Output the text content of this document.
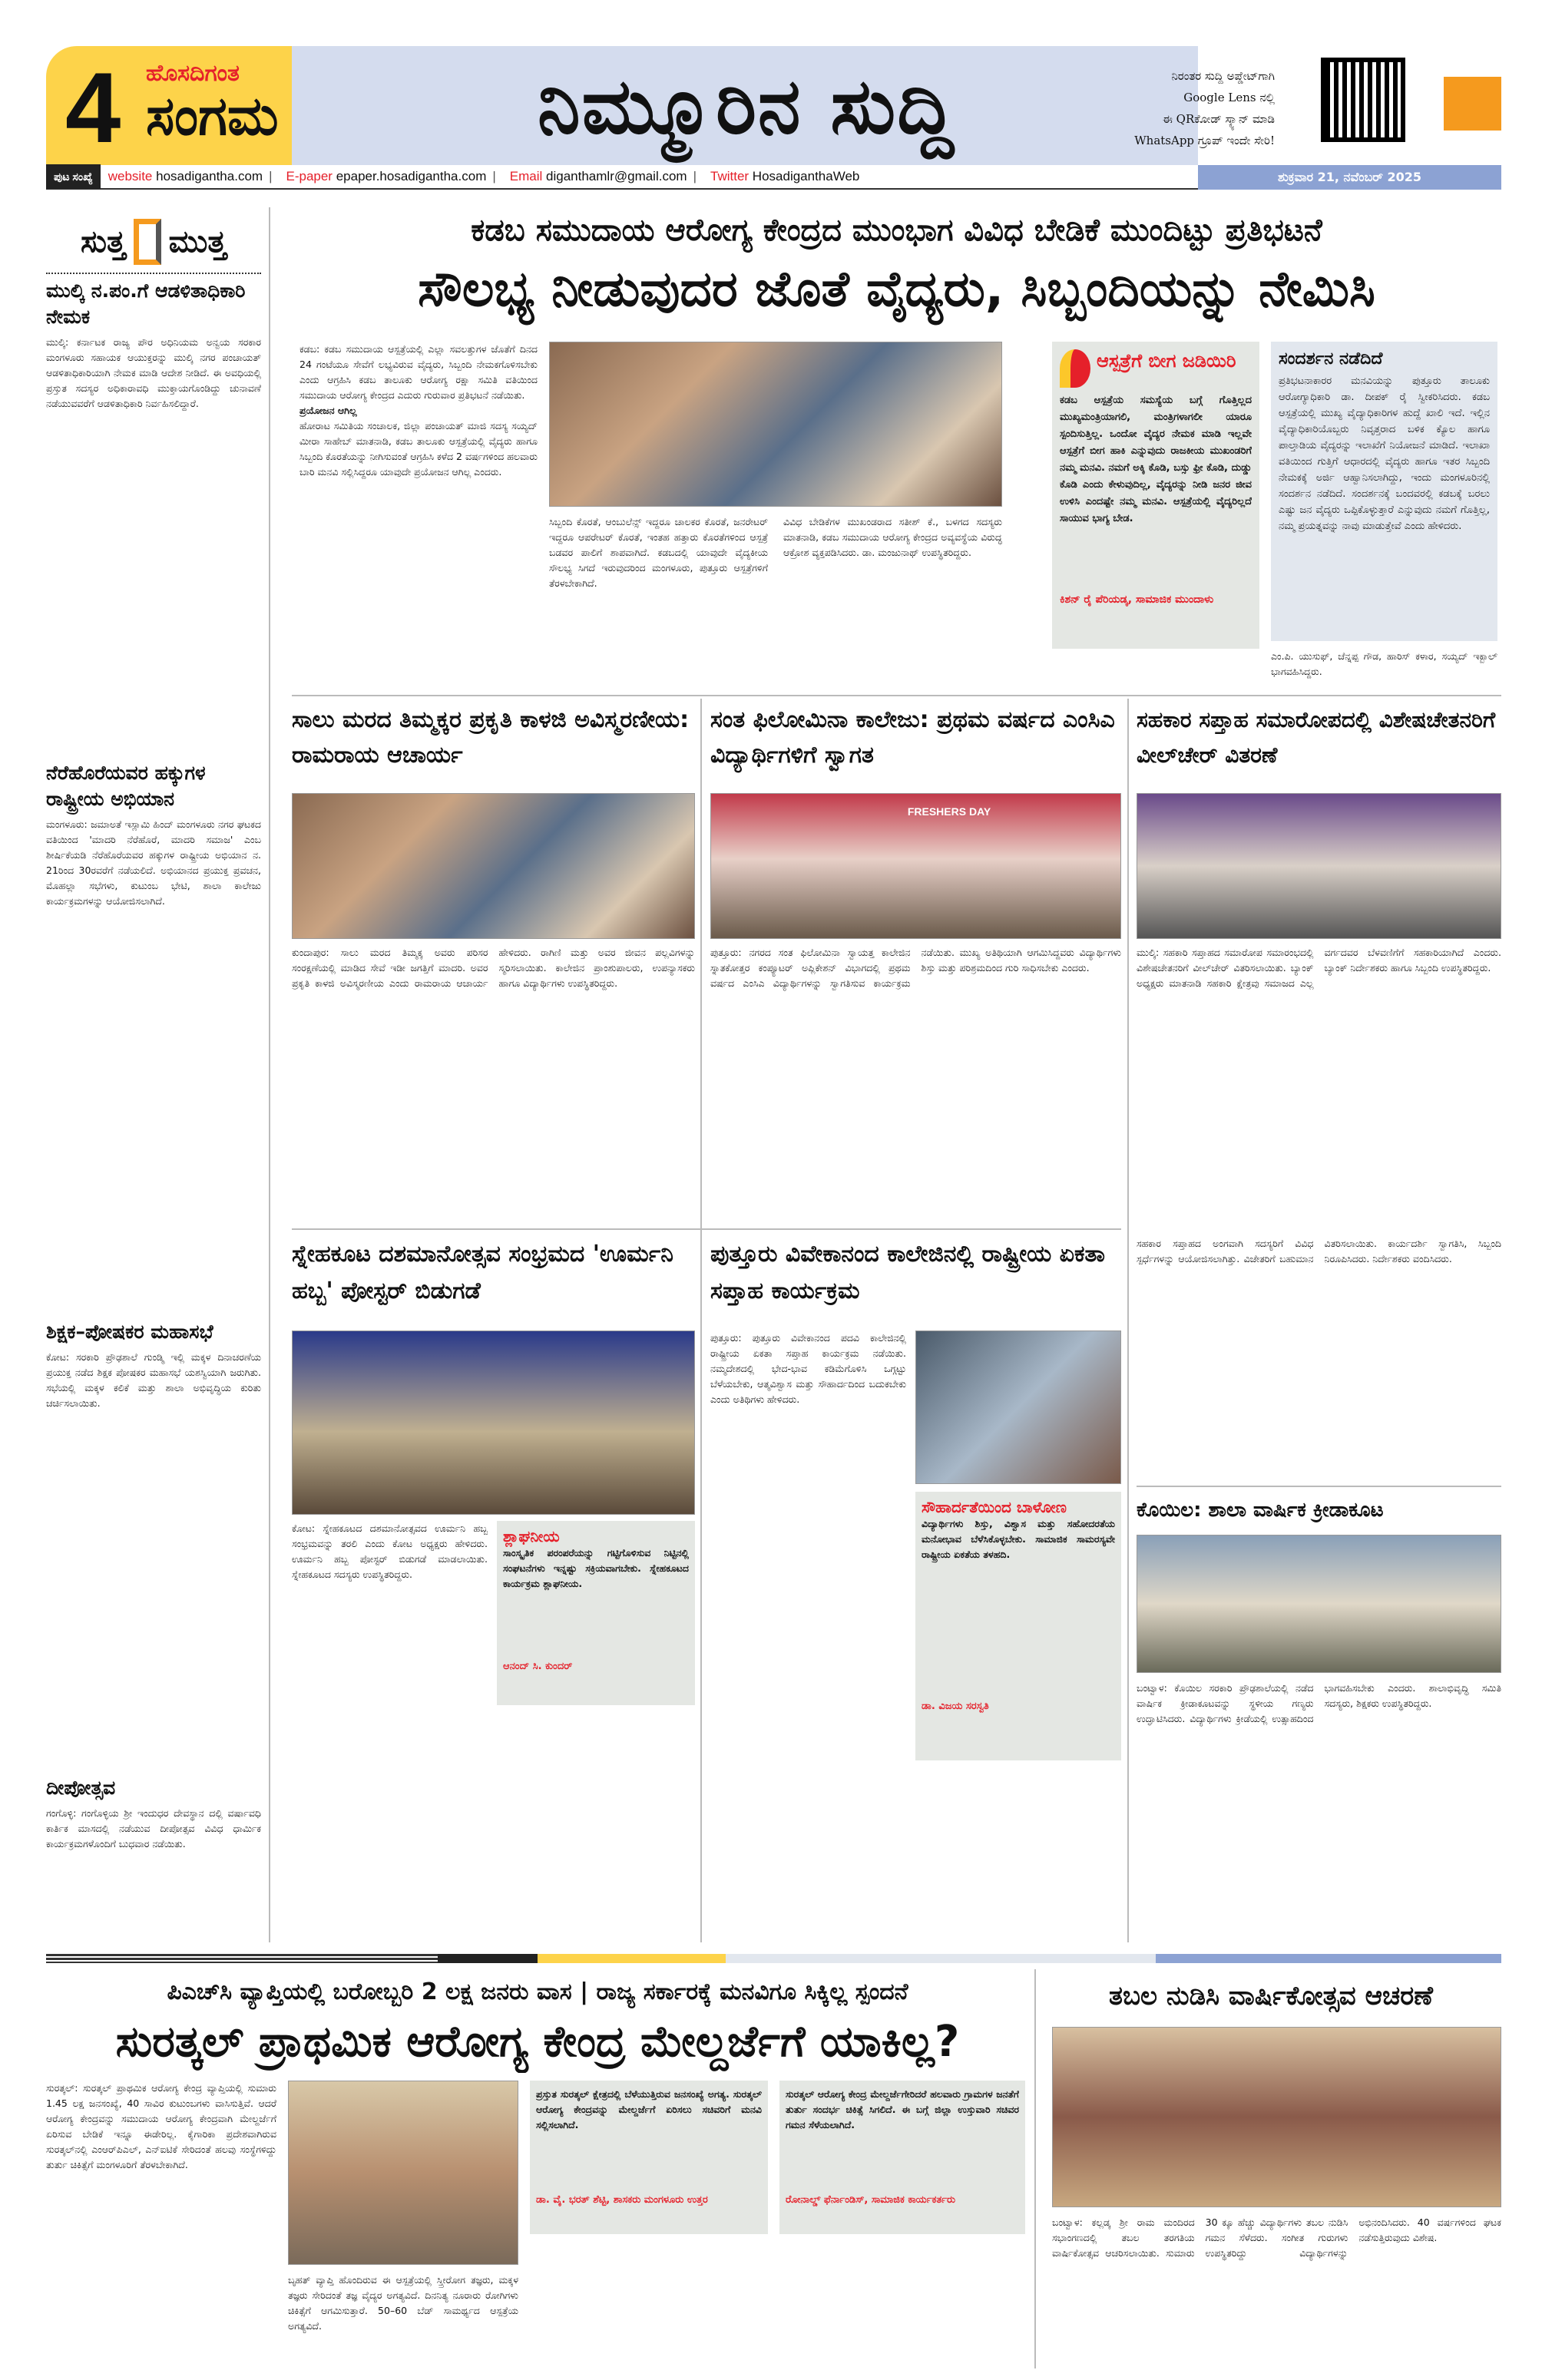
4 ಹೊಸದಿಗಂತ
ಸಂಗಮ	ನಿಮ್ಮೂರಿನ ಸುದ್ದಿ	ನಿರಂತರ ಸುದ್ದಿ ಅಪ್ಡೇಟ್‌ಗಾಗಿ
Google Lens ನಲ್ಲಿ
ಈ QRಕೋಡ್ ಸ್ಕ್ಯಾನ್ ಮಾಡಿ
WhatsApp ಗ್ರೂಪ್ ಇಂದೇ ಸೇರಿ!
ಪುಟ ಸಂಖ್ಯೆ	website
hosadigantha.com | E-paper
epaper.hosadigantha.com | Email
diganthamlr@gmail.com | Twitter
HosadiganthaWeb	ಶುಕ್ರವಾರ 21, ನವೆಂಬರ್ 2025
ಸುತ್ತ ಮುತ್ತ
ಮುಲ್ಕಿ ನ.ಪಂ.ಗೆ ಆಡಳಿತಾಧಿಕಾರಿ ನೇಮಕ
ಮುಲ್ಕಿ: ಕರ್ನಾಟಕ ರಾಜ್ಯ ಪೌರ ಅಧಿನಿಯಮ ಅನ್ವಯ ಸರಕಾರ ಮಂಗಳೂರು ಸಹಾಯಕ ಆಯುಕ್ತರನ್ನು ಮುಲ್ಕಿ ನಗರ ಪಂಚಾಯತ್ ಆಡಳಿತಾಧಿಕಾರಿಯಾಗಿ ನೇಮಕ ಮಾಡಿ ಆದೇಶ ನೀಡಿದೆ. ಈ ಅವಧಿಯಲ್ಲಿ ಪ್ರಸ್ತುತ ಸದಸ್ಯರ ಅಧಿಕಾರಾವಧಿ ಮುಕ್ತಾಯಗೊಂಡಿದ್ದು ಚುನಾವಣೆ ನಡೆಯುವವರೆಗೆ ಆಡಳಿತಾಧಿಕಾರಿ ನಿರ್ವಹಿಸಲಿದ್ದಾರೆ.
ನೆರೆಹೊರೆಯವರ ಹಕ್ಕುಗಳ ರಾಷ್ಟ್ರೀಯ ಅಭಿಯಾನ
ಮಂಗಳೂರು: ಜಮಾಅತೆ ಇಸ್ಲಾಮಿ ಹಿಂದ್ ಮಂಗಳೂರು ನಗರ ಘಟಕದ ವತಿಯಿಂದ 'ಮಾದರಿ ನೆರೆಹೊರೆ, ಮಾದರಿ ಸಮಾಜ' ಎಂಬ ಶೀರ್ಷಿಕೆಯಡಿ ನೆರೆಹೊರೆಯವರ ಹಕ್ಕುಗಳ ರಾಷ್ಟ್ರೀಯ ಅಭಿಯಾನ ನ. 21ರಿಂದ 30ರವರೆಗೆ ನಡೆಯಲಿದೆ. ಅಭಿಯಾನದ ಪ್ರಯುಕ್ತ ಪ್ರವಚನ, ಮೊಹಲ್ಲಾ ಸಭೆಗಳು, ಕುಟುಂಬ ಭೇಟಿ, ಶಾಲಾ ಕಾಲೇಜು ಕಾರ್ಯಕ್ರಮಗಳನ್ನು ಆಯೋಜಿಸಲಾಗಿದೆ.
ಶಿಕ್ಷಕ–ಪೋಷಕರ ಮಹಾಸಭೆ
ಕೋಟ: ಸರಕಾರಿ ಪ್ರೌಢಶಾಲೆ ಗುಂಡ್ಮಿ ಇಲ್ಲಿ ಮಕ್ಕಳ ದಿನಾಚರಣೆಯ ಪ್ರಯುಕ್ತ ನಡೆದ ಶಿಕ್ಷಕ ಪೋಷಕರ ಮಹಾಸಭೆ ಯಶಸ್ವಿಯಾಗಿ ಜರುಗಿತು. ಸಭೆಯಲ್ಲಿ ಮಕ್ಕಳ ಕಲಿಕೆ ಮತ್ತು ಶಾಲಾ ಅಭಿವೃದ್ಧಿಯ ಕುರಿತು ಚರ್ಚಿಸಲಾಯಿತು.
ದೀಪೋತ್ಸವ
ಗಂಗೊಳ್ಳಿ: ಗಂಗೊಳ್ಳಿಯ ಶ್ರೀ ಇಂದುಧರ ದೇವಸ್ಥಾನ ದಲ್ಲಿ ವರ್ಷಾವಧಿ ಕಾರ್ತಿಕ ಮಾಸದಲ್ಲಿ ನಡೆಯುವ ದೀಪೋತ್ಸವ ವಿವಿಧ ಧಾರ್ಮಿಕ ಕಾರ್ಯಕ್ರಮಗಳೊಂದಿಗೆ ಬುಧವಾರ ನಡೆಯಿತು.
ಕಡಬ ಸಮುದಾಯ ಆರೋಗ್ಯ ಕೇಂದ್ರದ ಮುಂಭಾಗ ವಿವಿಧ ಬೇಡಿಕೆ ಮುಂದಿಟ್ಟು ಪ್ರತಿಭಟನೆ
ಸೌಲಭ್ಯ ನೀಡುವುದರ ಜೊತೆ ವೈದ್ಯರು, ಸಿಬ್ಬಂದಿಯನ್ನು ನೇಮಿಸಿ
ಕಡಬ: ಕಡಬ ಸಮುದಾಯ ಆಸ್ಪತ್ರೆಯಲ್ಲಿ ಎಲ್ಲಾ ಸವಲತ್ತುಗಳ ಜೊತೆಗೆ ದಿನದ 24 ಗಂಟೆಯೂ ಸೇವೆಗೆ ಲಭ್ಯವಿರುವ ವೈದ್ಯರು, ಸಿಬ್ಬಂದಿ ನೇಮಕಗೊಳಿಸಬೇಕು ಎಂದು ಆಗ್ರಹಿಸಿ ಕಡಬ ತಾಲೂಕು ಆರೋಗ್ಯ ರಕ್ಷಾ ಸಮಿತಿ ವತಿಯಿಂದ ಸಮುದಾಯ ಆರೋಗ್ಯ ಕೇಂದ್ರದ ಎದುರು ಗುರುವಾರ ಪ್ರತಿಭಟನೆ ನಡೆಯಿತು.
ಪ್ರಯೋಜನ ಆಗಿಲ್ಲ
ಹೋರಾಟ ಸಮಿತಿಯ ಸಂಚಾಲಕ, ಜಿಲ್ಲಾ ಪಂಚಾಯತ್ ಮಾಜಿ ಸದಸ್ಯ ಸಯ್ಯದ್ ಮೀರಾ ಸಾಹೇಬ್ ಮಾತನಾಡಿ, ಕಡಬ ತಾಲೂಕು ಆಸ್ಪತ್ರೆಯಲ್ಲಿ ವೈದ್ಯರು ಹಾಗೂ ಸಿಬ್ಬಂದಿ ಕೊರತೆಯನ್ನು ನೀಗಿಸುವಂತೆ ಆಗ್ರಹಿಸಿ ಕಳೆದ 2 ವರ್ಷಗಳಿಂದ ಹಲವಾರು ಬಾರಿ ಮನವಿ ಸಲ್ಲಿಸಿದ್ದರೂ ಯಾವುದೇ ಪ್ರಯೋಜನ ಆಗಿಲ್ಲ ಎಂದರು.
ಸಿಬ್ಬಂದಿ ಕೊರತೆ, ಆಂಬುಲೆನ್ಸ್ ಇದ್ದರೂ ಚಾಲಕರ ಕೊರತೆ, ಜನರೇಟರ್ ಇದ್ದರೂ ಆಪರೇಟರ್ ಕೊರತೆ, ಇಂತಹ ಹತ್ತಾರು ಕೊರತೆಗಳಿಂದ ಆಸ್ಪತ್ರೆ ಬಡವರ ಪಾಲಿಗೆ ಶಾಪವಾಗಿದೆ. ಕಡಬದಲ್ಲಿ ಯಾವುದೇ ವೈದ್ಯಕೀಯ ಸೌಲಭ್ಯ ಸಿಗದೆ ಇರುವುದರಿಂದ ಮಂಗಳೂರು, ಪುತ್ತೂರು ಆಸ್ಪತ್ರೆಗಳಿಗೆ ತೆರಳಬೇಕಾಗಿದೆ.
ವಿವಿಧ ಬೇಡಿಕೆಗಳ ಮುಖಂಡರಾದ ಸತೀಶ್ ಕೆ., ಬಳಗದ ಸದಸ್ಯರು ಮಾತನಾಡಿ, ಕಡಬ ಸಮುದಾಯ ಆರೋಗ್ಯ ಕೇಂದ್ರದ ಅವ್ಯವಸ್ಥೆಯ ವಿರುದ್ಧ ಆಕ್ರೋಶ ವ್ಯಕ್ತಪಡಿಸಿದರು. ಡಾ. ಮಂಜುನಾಥ್ ಉಪಸ್ಥಿತರಿದ್ದರು.
ಆಸ್ಪತ್ರೆಗೆ ಬೀಗ ಜಡಿಯಿರಿ
ಕಡಬ ಆಸ್ಪತ್ರೆಯ ಸಮಸ್ಯೆಯ ಬಗ್ಗೆ ಗೊತ್ತಿಲ್ಲದ ಮುಖ್ಯಮಂತ್ರಿಯಾಗಲಿ, ಮಂತ್ರಿಗಳಾಗಲೀ ಯಾರೂ ಸ್ಪಂದಿಸುತ್ತಿಲ್ಲ. ಒಂದೋ ವೈದ್ಯರ ನೇಮಕ ಮಾಡಿ ಇಲ್ಲವೇ ಆಸ್ಪತ್ರೆಗೆ ಬೀಗ ಹಾಕಿ ಎನ್ನುವುದು ರಾಜಕೀಯ ಮುಖಂಡರಿಗೆ ನಮ್ಮ ಮನವಿ. ನಮಗೆ ಅಕ್ಕಿ ಕೊಡಿ, ಬಸ್ಸು ಫ್ರೀ ಕೊಡಿ, ದುಡ್ಡು ಕೊಡಿ ಎಂದು ಕೇಳುವುದಿಲ್ಲ, ವೈದ್ಯರನ್ನು ನೀಡಿ ಜನರ ಜೀವ ಉಳಿಸಿ ಎಂದಷ್ಟೇ ನಮ್ಮ ಮನವಿ. ಆಸ್ಪತ್ರೆಯಲ್ಲಿ ವೈದ್ಯರಿಲ್ಲದೆ ಸಾಯುವ ಭಾಗ್ಯ ಬೇಡ.
ಕಿಶನ್ ರೈ ಪೆರಿಯಡ್ಕ, ಸಾಮಾಜಿಕ ಮುಂದಾಳು
ಸಂದರ್ಶನ ನಡೆದಿದೆ
ಪ್ರತಿಭಟನಾಕಾರರ ಮನವಿಯನ್ನು ಪುತ್ತೂರು ತಾಲೂಕು ಆರೋಗ್ಯಾಧಿಕಾರಿ ಡಾ. ದೀಪಕ್ ರೈ ಸ್ವೀಕರಿಸಿದರು. ಕಡಬ ಆಸ್ಪತ್ರೆಯಲ್ಲಿ ಮುಖ್ಯ ವೈದ್ಯಾಧಿಕಾರಿಗಳ ಹುದ್ದೆ ಖಾಲಿ ಇದೆ. ಇಲ್ಲಿನ ವೈದ್ಯಾಧಿಕಾರಿಯೊಬ್ಬರು ನಿವೃತ್ತರಾದ ಬಳಿಕ ಕ್ಯೊಲ ಹಾಗೂ ಪಾಲ್ತಾಡಿಯ ವೈದ್ಯರನ್ನು ಇಲಾಖೆಗೆ ನಿಯೋಜನೆ ಮಾಡಿದೆ. ಇಲಾಖಾ ವತಿಯಿಂದ ಗುತ್ತಿಗೆ ಆಧಾರದಲ್ಲಿ ವೈದ್ಯರು ಹಾಗೂ ಇತರ ಸಿಬ್ಬಂದಿ ನೇಮಕಕ್ಕೆ ಅರ್ಜಿ ಆಹ್ವಾನಿಸಲಾಗಿದ್ದು, ಇಂದು ಮಂಗಳೂರಿನಲ್ಲಿ ಸಂದರ್ಶನ ನಡೆದಿದೆ. ಸಂದರ್ಶನಕ್ಕೆ ಬಂದವರಲ್ಲಿ ಕಡಬಕ್ಕೆ ಬರಲು ಎಷ್ಟು ಜನ ವೈದ್ಯರು ಒಪ್ಪಿಕೊಳ್ಳುತ್ತಾರೆ ಎನ್ನುವುದು ನಮಗೆ ಗೊತ್ತಿಲ್ಲ, ನಮ್ಮ ಪ್ರಯತ್ನವನ್ನು ನಾವು ಮಾಡುತ್ತೇವೆ ಎಂದು ಹೇಳಿದರು.
ಎಂ.ಪಿ. ಯುಸುಫ್, ಚೆನ್ನಪ್ಪ ಗೌಡ, ಹಾರಿಸ್ ಕಳಾರ, ಸಯ್ಯದ್ ಇಕ್ಬಾಲ್ ಭಾಗವಹಿಸಿದ್ದರು.
ಸಾಲು ಮರದ ತಿಮ್ಮಕ್ಕರ ಪ್ರಕೃತಿ ಕಾಳಜಿ ಅವಿಸ್ಮರಣೀಯ: ರಾಮರಾಯ ಆಚಾರ್ಯ
ಕುಂದಾಪುರ: ಸಾಲು ಮರದ ತಿಮ್ಮಕ್ಕ ಅವರು ಪರಿಸರ ಸಂರಕ್ಷಣೆಯಲ್ಲಿ ಮಾಡಿದ ಸೇವೆ ಇಡೀ ಜಗತ್ತಿಗೆ ಮಾದರಿ. ಅವರ ಪ್ರಕೃತಿ ಕಾಳಜಿ ಅವಿಸ್ಮರಣೀಯ ಎಂದು ರಾಮರಾಯ ಆಚಾರ್ಯ ಹೇಳಿದರು. ರಾಗಿಣಿ ಮತ್ತು ಅವರ ಜೀವನ ಪಲ್ಲವಿಗಳನ್ನು ಸ್ಮರಿಸಲಾಯಿತು. ಕಾಲೇಜಿನ ಪ್ರಾಂಶುಪಾಲರು, ಉಪನ್ಯಾಸಕರು ಹಾಗೂ ವಿದ್ಯಾರ್ಥಿಗಳು ಉಪಸ್ಥಿತರಿದ್ದರು.
ಸಂತ ಫಿಲೋಮಿನಾ ಕಾಲೇಜು: ಪ್ರಥಮ ವರ್ಷದ ಎಂಸಿಎ ವಿದ್ಯಾರ್ಥಿಗಳಿಗೆ ಸ್ವಾಗತ
FRESHERS DAY
ಪುತ್ತೂರು: ನಗರದ ಸಂತ ಫಿಲೋಮಿನಾ ಸ್ವಾಯತ್ತ ಕಾಲೇಜಿನ ಸ್ನಾತಕೋತ್ತರ ಕಂಪ್ಯೂಟರ್ ಅಪ್ಲಿಕೇಶನ್ ವಿಭಾಗದಲ್ಲಿ ಪ್ರಥಮ ವರ್ಷದ ಎಂಸಿಎ ವಿದ್ಯಾರ್ಥಿಗಳನ್ನು ಸ್ವಾಗತಿಸುವ ಕಾರ್ಯಕ್ರಮ ನಡೆಯಿತು. ಮುಖ್ಯ ಅತಿಥಿಯಾಗಿ ಆಗಮಿಸಿದ್ದವರು ವಿದ್ಯಾರ್ಥಿಗಳು ಶಿಸ್ತು ಮತ್ತು ಪರಿಶ್ರಮದಿಂದ ಗುರಿ ಸಾಧಿಸಬೇಕು ಎಂದರು.
ಸಹಕಾರ ಸಪ್ತಾಹ ಸಮಾರೋಪದಲ್ಲಿ ವಿಶೇಷಚೇತನರಿಗೆ ವೀಲ್‌ಚೇರ್ ವಿತರಣೆ
ಮುಲ್ಕಿ: ಸಹಕಾರಿ ಸಪ್ತಾಹದ ಸಮಾರೋಪ ಸಮಾರಂಭದಲ್ಲಿ ವಿಶೇಷಚೇತನರಿಗೆ ವೀಲ್‌ಚೇರ್ ವಿತರಿಸಲಾಯಿತು. ಬ್ಯಾಂಕ್ ಅಧ್ಯಕ್ಷರು ಮಾತನಾಡಿ ಸಹಕಾರಿ ಕ್ಷೇತ್ರವು ಸಮಾಜದ ಎಲ್ಲ ವರ್ಗದವರ ಬೆಳವಣಿಗೆಗೆ ಸಹಕಾರಿಯಾಗಿದೆ ಎಂದರು. ಬ್ಯಾಂಕ್ ನಿರ್ದೇಶಕರು ಹಾಗೂ ಸಿಬ್ಬಂದಿ ಉಪಸ್ಥಿತರಿದ್ದರು.
ಸ್ನೇಹಕೂಟ ದಶಮಾನೋತ್ಸವ ಸಂಭ್ರಮದ 'ಊರ್ಮನಿ ಹಬ್ಬ' ಪೋಸ್ಟರ್ ಬಿಡುಗಡೆ
ಕೋಟ: ಸ್ನೇಹಕೂಟದ ದಶಮಾನೋತ್ಸವದ ಊರ್ಮನಿ ಹಬ್ಬ ಸಂಭ್ರಮವನ್ನು ತರಲಿ ಎಂದು ಕೋಟ ಅಧ್ಯಕ್ಷರು ಹೇಳಿದರು. ಊರ್ಮನಿ ಹಬ್ಬ ಪೋಸ್ಟರ್ ಬಿಡುಗಡೆ ಮಾಡಲಾಯಿತು. ಸ್ನೇಹಕೂಟದ ಸದಸ್ಯರು ಉಪಸ್ಥಿತರಿದ್ದರು.
ಶ್ಲಾಘನೀಯ
ಸಾಂಸ್ಕೃತಿಕ ಪರಂಪರೆಯನ್ನು ಗಟ್ಟಿಗೊಳಿಸುವ ನಿಟ್ಟಿನಲ್ಲಿ ಸಂಘಟನೆಗಳು ಇನ್ನಷ್ಟು ಸಕ್ರಿಯವಾಗಬೇಕು. ಸ್ನೇಹಕೂಟದ ಕಾರ್ಯಕ್ರಮ ಶ್ಲಾಘನೀಯ.
ಆನಂದ್ ಸಿ. ಕುಂದರ್
ಪುತ್ತೂರು ವಿವೇಕಾನಂದ ಕಾಲೇಜಿನಲ್ಲಿ ರಾಷ್ಟ್ರೀಯ ಏಕತಾ ಸಪ್ತಾಹ ಕಾರ್ಯಕ್ರಮ
ಪುತ್ತೂರು: ಪುತ್ತೂರು ವಿವೇಕಾನಂದ ಪದವಿ ಕಾಲೇಜಿನಲ್ಲಿ ರಾಷ್ಟ್ರೀಯ ಏಕತಾ ಸಪ್ತಾಹ ಕಾರ್ಯಕ್ರಮ ನಡೆಯಿತು. ನಮ್ಮದೇಶದಲ್ಲಿ ಭೇದ-ಭಾವ ಕಡಿಮೆಗೊಳಿಸಿ ಒಗ್ಗಟ್ಟು ಬೆಳೆಯಬೇಕು, ಆತ್ಮವಿಶ್ವಾಸ ಮತ್ತು ಸೌಹಾರ್ದದಿಂದ ಬದುಕಬೇಕು ಎಂದು ಅತಿಥಿಗಳು ಹೇಳಿದರು.
ಸೌಹಾರ್ದತೆಯಿಂದ ಬಾಳೋಣ
ವಿದ್ಯಾರ್ಥಿಗಳು ಶಿಸ್ತು, ವಿಶ್ವಾಸ ಮತ್ತು ಸಹೋದರತೆಯ ಮನೋಭಾವ ಬೆಳೆಸಿಕೊಳ್ಳಬೇಕು. ಸಾಮಾಜಿಕ ಸಾಮರಸ್ಯವೇ ರಾಷ್ಟ್ರೀಯ ಏಕತೆಯ ತಳಹದಿ.
ಡಾ. ವಿಜಯ ಸರಸ್ವತಿ
ಸಹಕಾರ ಸಪ್ತಾಹದ ಅಂಗವಾಗಿ ಸದಸ್ಯರಿಗೆ ವಿವಿಧ ಸ್ಪರ್ಧೆಗಳನ್ನು ಆಯೋಜಿಸಲಾಗಿತ್ತು. ವಿಜೇತರಿಗೆ ಬಹುಮಾನ ವಿತರಿಸಲಾಯಿತು. ಕಾರ್ಯದರ್ಶಿ ಸ್ವಾಗತಿಸಿ, ಸಿಬ್ಬಂದಿ ನಿರೂಪಿಸಿದರು. ನಿರ್ದೇಶಕರು ವಂದಿಸಿದರು.
ಕೊಯಿಲ: ಶಾಲಾ ವಾರ್ಷಿಕ ಕ್ರೀಡಾಕೂಟ
ಬಂಟ್ವಾಳ: ಕೊಯಿಲ ಸರಕಾರಿ ಪ್ರೌಢಶಾಲೆಯಲ್ಲಿ ನಡೆದ ವಾರ್ಷಿಕ ಕ್ರೀಡಾಕೂಟವನ್ನು ಸ್ಥಳೀಯ ಗಣ್ಯರು ಉದ್ಘಾಟಿಸಿದರು. ವಿದ್ಯಾರ್ಥಿಗಳು ಕ್ರೀಡೆಯಲ್ಲಿ ಉತ್ಸಾಹದಿಂದ ಭಾಗವಹಿಸಬೇಕು ಎಂದರು. ಶಾಲಾಭಿವೃದ್ಧಿ ಸಮಿತಿ ಸದಸ್ಯರು, ಶಿಕ್ಷಕರು ಉಪಸ್ಥಿತರಿದ್ದರು.
ಪಿಎಚ್‌ಸಿ ವ್ಯಾಪ್ತಿಯಲ್ಲಿ ಬರೋಬ್ಬರಿ 2 ಲಕ್ಷ ಜನರು ವಾಸ | ರಾಜ್ಯ ಸರ್ಕಾರಕ್ಕೆ ಮನವಿಗೂ ಸಿಕ್ಕಿಲ್ಲ ಸ್ಪಂದನೆ
ಸುರತ್ಕಲ್ ಪ್ರಾಥಮಿಕ ಆರೋಗ್ಯ ಕೇಂದ್ರ ಮೇಲ್ದರ್ಜೆಗೆ ಯಾಕಿಲ್ಲ?
ಸುರತ್ಕಲ್: ಸುರತ್ಕಲ್ ಪ್ರಾಥಮಿಕ ಆರೋಗ್ಯ ಕೇಂದ್ರ ವ್ಯಾಪ್ತಿಯಲ್ಲಿ ಸುಮಾರು 1.45 ಲಕ್ಷ ಜನಸಂಖ್ಯೆ, 40 ಸಾವಿರ ಕುಟುಂಬಗಳು ವಾಸಿಸುತ್ತಿವೆ. ಆದರೆ ಆರೋಗ್ಯ ಕೇಂದ್ರವನ್ನು ಸಮುದಾಯ ಆರೋಗ್ಯ ಕೇಂದ್ರವಾಗಿ ಮೇಲ್ದರ್ಜೆಗೆ ಏರಿಸುವ ಬೇಡಿಕೆ ಇನ್ನೂ ಈಡೇರಿಲ್ಲ. ಕೈಗಾರಿಕಾ ಪ್ರದೇಶವಾಗಿರುವ ಸುರತ್ಕಲ್‌ನಲ್ಲಿ ಎಂಆರ್‌ಪಿಎಲ್, ಎನ್‌ಐಟಿಕೆ ಸೇರಿದಂತೆ ಹಲವು ಸಂಸ್ಥೆಗಳಿದ್ದು ತುರ್ತು ಚಿಕಿತ್ಸೆಗೆ ಮಂಗಳೂರಿಗೆ ತೆರಳಬೇಕಾಗಿದೆ.
ಬೃಹತ್ ವ್ಯಾಪ್ತಿ ಹೊಂದಿರುವ ಈ ಆಸ್ಪತ್ರೆಯಲ್ಲಿ ಸ್ತ್ರೀರೋಗ ತಜ್ಞರು, ಮಕ್ಕಳ ತಜ್ಞರು ಸೇರಿದಂತೆ ತಜ್ಞ ವೈದ್ಯರ ಅಗತ್ಯವಿದೆ. ದಿನನಿತ್ಯ ನೂರಾರು ರೋಗಿಗಳು ಚಿಕಿತ್ಸೆಗೆ ಆಗಮಿಸುತ್ತಾರೆ. 50–60 ಬೆಡ್ ಸಾಮರ್ಥ್ಯದ ಆಸ್ಪತ್ರೆಯ ಅಗತ್ಯವಿದೆ.
ಪ್ರಸ್ತುತ ಸುರತ್ಕಲ್ ಕ್ಷೇತ್ರದಲ್ಲಿ ಬೆಳೆಯುತ್ತಿರುವ ಜನಸಂಖ್ಯೆ ಅಗತ್ಯ. ಸುರತ್ಕಲ್ ಆರೋಗ್ಯ ಕೇಂದ್ರವನ್ನು ಮೇಲ್ದರ್ಜೆಗೆ ಏರಿಸಲು ಸಚಿವರಿಗೆ ಮನವಿ ಸಲ್ಲಿಸಲಾಗಿದೆ.
ಡಾ. ವೈ. ಭರತ್ ಶೆಟ್ಟಿ, ಶಾಸಕರು ಮಂಗಳೂರು ಉತ್ತರ
ಸುರತ್ಕಲ್ ಆರೋಗ್ಯ ಕೇಂದ್ರ ಮೇಲ್ದರ್ಜೆಗೇರಿದರೆ ಹಲವಾರು ಗ್ರಾಮಗಳ ಜನತೆಗೆ ತುರ್ತು ಸಂದರ್ಭ ಚಿಕಿತ್ಸೆ ಸಿಗಲಿದೆ. ಈ ಬಗ್ಗೆ ಜಿಲ್ಲಾ ಉಸ್ತುವಾರಿ ಸಚಿವರ ಗಮನ ಸೆಳೆಯಲಾಗಿದೆ.
ರೋನಾಲ್ಡ್ ಫೆರ್ನಾಂಡಿಸ್, ಸಾಮಾಜಿಕ ಕಾರ್ಯಕರ್ತರು
ತಬಲ ನುಡಿಸಿ ವಾರ್ಷಿಕೋತ್ಸವ ಆಚರಣೆ
ಬಂಟ್ವಾಳ: ಕಲ್ಲಡ್ಕ ಶ್ರೀ ರಾಮ ಮಂದಿರದ ಸಭಾಂಗಣದಲ್ಲಿ ತಬಲ ತರಗತಿಯ ವಾರ್ಷಿಕೋತ್ಸವ ಆಚರಿಸಲಾಯಿತು. ಸುಮಾರು 30 ಕ್ಕೂ ಹೆಚ್ಚು ವಿದ್ಯಾರ್ಥಿಗಳು ತಬಲ ನುಡಿಸಿ ಗಮನ ಸೆಳೆದರು. ಸಂಗೀತ ಗುರುಗಳು ಉಪಸ್ಥಿತರಿದ್ದು ವಿದ್ಯಾರ್ಥಿಗಳನ್ನು ಅಭಿನಂದಿಸಿದರು. 40 ವರ್ಷಗಳಿಂದ ಘಟಕ ನಡೆಸುತ್ತಿರುವುದು ವಿಶೇಷ.
